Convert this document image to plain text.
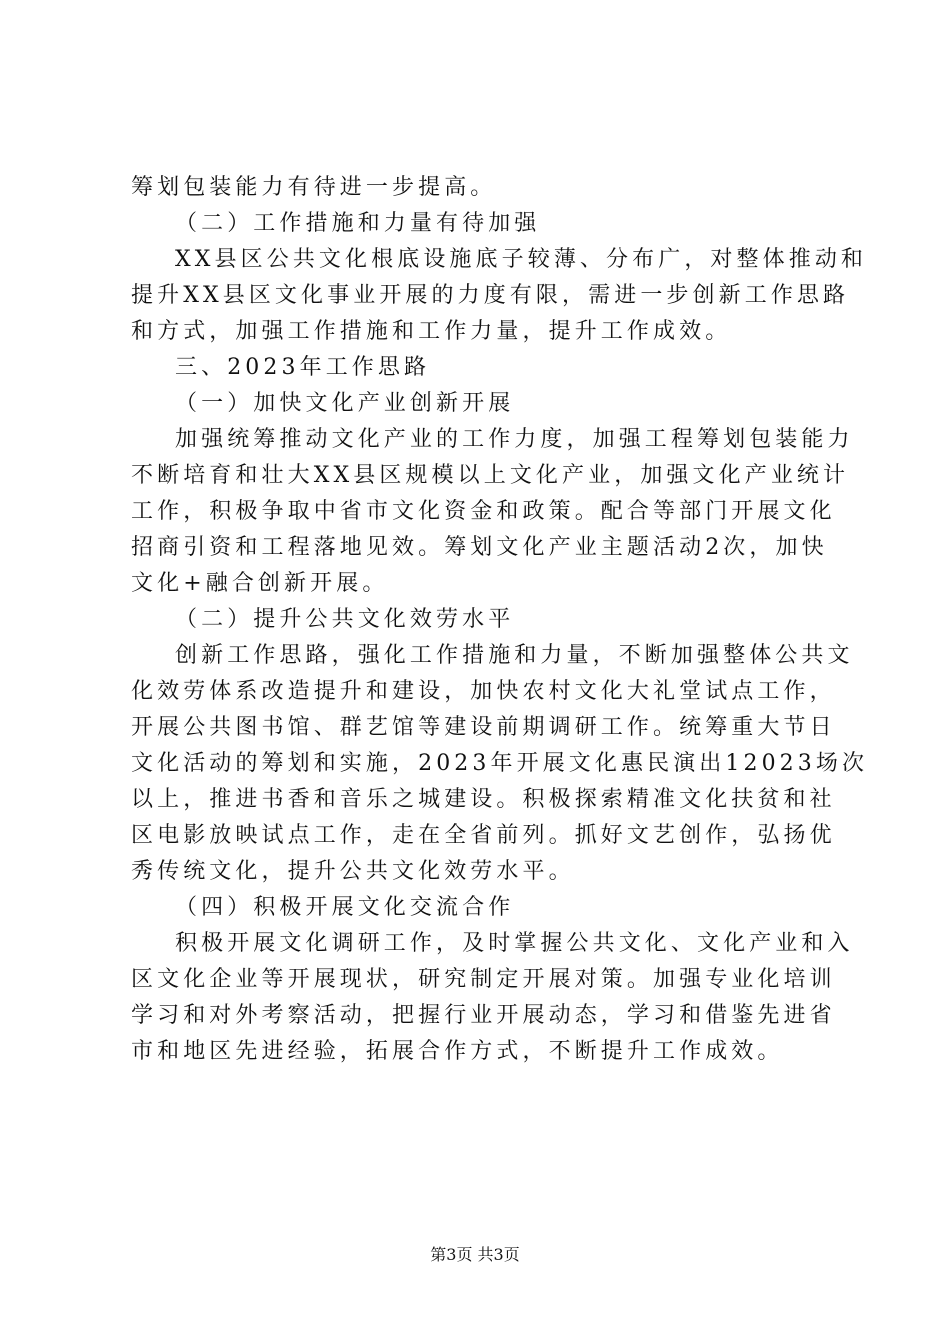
筹划包装能力有待进一步提高。
（二）工作措施和力量有待加强
XX县区公共文化根底设施底子较薄、分布广，对整体推动和
提升XX县区文化事业开展的力度有限，需进一步创新工作思路
和方式，加强工作措施和工作力量，提升工作成效。
三、2023年工作思路
（一）加快文化产业创新开展
加强统筹推动文化产业的工作力度，加强工程筹划包装能力
不断培育和壮大XX县区规模以上文化产业，加强文化产业统计
工作，积极争取中省市文化资金和政策。配合等部门开展文化
招商引资和工程落地见效。筹划文化产业主题活动2次，加快
文化+融合创新开展。
（二）提升公共文化效劳水平
创新工作思路，强化工作措施和力量，不断加强整体公共文
化效劳体系改造提升和建设，加快农村文化大礼堂试点工作，
开展公共图书馆、群艺馆等建设前期调研工作。统筹重大节日
文化活动的筹划和实施，2023年开展文化惠民演出12023场次
以上，推进书香和音乐之城建设。积极探索精准文化扶贫和社
区电影放映试点工作，走在全省前列。抓好文艺创作，弘扬优
秀传统文化，提升公共文化效劳水平。
（四）积极开展文化交流合作
积极开展文化调研工作，及时掌握公共文化、文化产业和入
区文化企业等开展现状，研究制定开展对策。加强专业化培训
学习和对外考察活动，把握行业开展动态，学习和借鉴先进省
市和地区先进经验，拓展合作方式，不断提升工作成效。
第3页 共3页
